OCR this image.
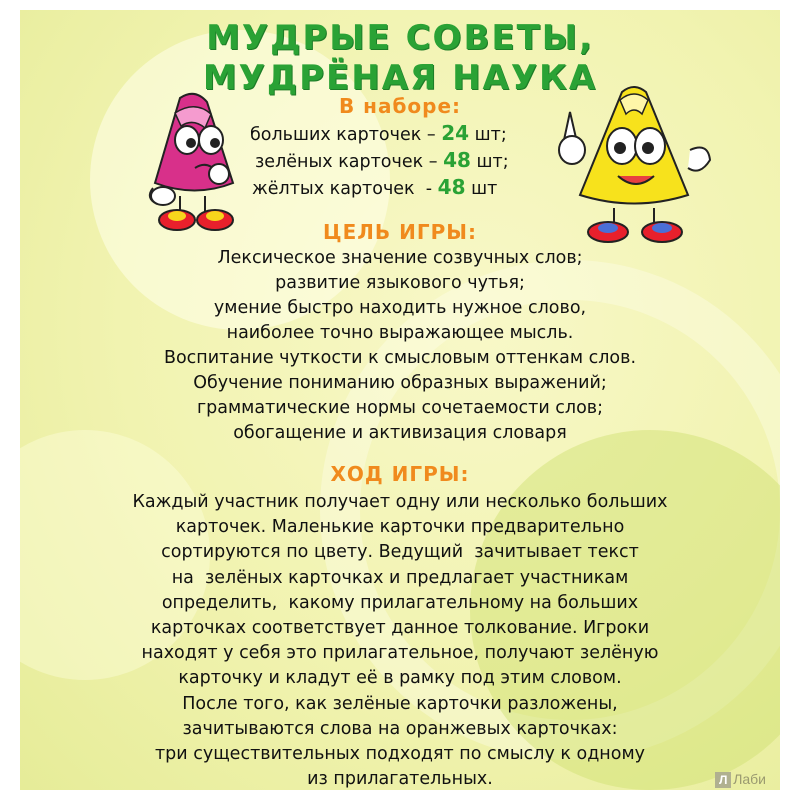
МУДРЫЕ СОВЕТЫ,
МУДРЁНАЯ НАУКА
В наборе:
больших карточек – 24 шт;
зелёных карточек – 48 шт;
жёлтых карточек  - 48 шт
ЦЕЛЬ ИГРЫ:
Лексическое значение созвучных слов;
развитие языкового чутья;
умение быстро находить нужное слово,
наиболее точно выражающее мысль.
Воспитание чуткости к смысловым оттенкам слов.
Обучение пониманию образных выражений;
грамматические нормы сочетаемости слов;
обогащение и активизация словаря
ХОД ИГРЫ:
Каждый участник получает одну или несколько больших
карточек. Маленькие карточки предварительно
сортируются по цвету. Ведущий  зачитывает текст
на  зелёных карточках и предлагает участникам
определить,  какому прилагательному на больших
карточках соответствует данное толкование. Игроки
находят у себя это прилагательное, получают зелёную
карточку и кладут её в рамку под этим словом.
После того, как зелёные карточки разложены,
зачитываются слова на оранжевых карточках:
три существительных подходят по смыслу к одному
из прилагательных.	Л Лаби
